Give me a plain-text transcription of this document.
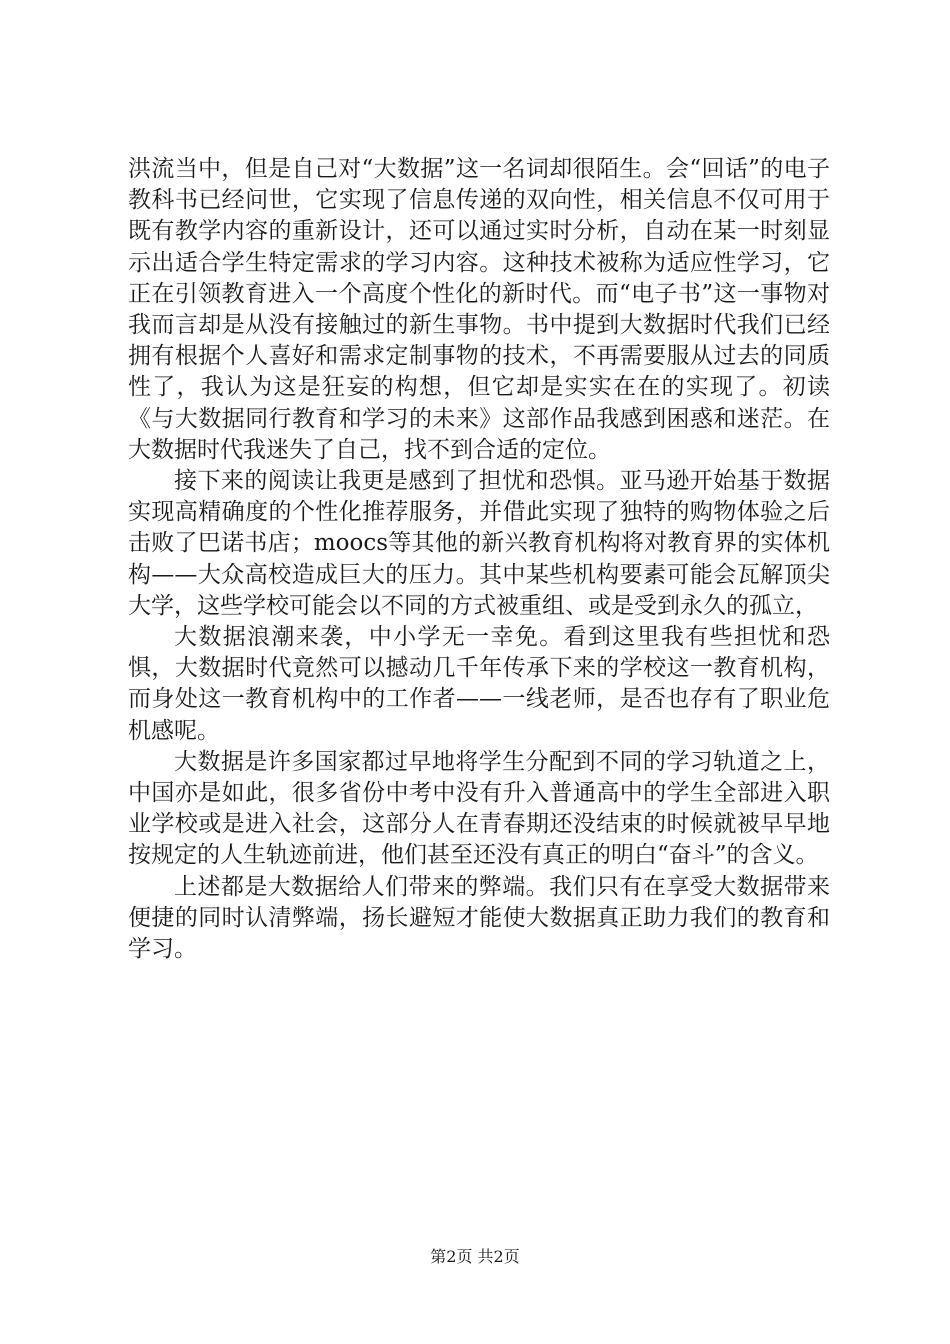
洪流当中，但是自己对“大数据”这一名词却很陌生。会“回话”的电子教科书已经问世，它实现了信息传递的双向性，相关信息不仅可用于既有教学内容的重新设计，还可以通过实时分析，自动在某一时刻显示出适合学生特定需求的学习内容。这种技术被称为适应性学习，它正在引领教育进入一个高度个性化的新时代。而“电子书”这一事物对我而言却是从没有接触过的新生事物。书中提到大数据时代我们已经拥有根据个人喜好和需求定制事物的技术，不再需要服从过去的同质性了，我认为这是狂妄的构想，但它却是实实在在的实现了。初读《与大数据同行教育和学习的未来》这部作品我感到困惑和迷茫。在大数据时代我迷失了自己，找不到合适的定位。

接下来的阅读让我更是感到了担忧和恐惧。亚马逊开始基于数据实现高精确度的个性化推荐服务，并借此实现了独特的购物体验之后击败了巴诺书店；moocs等其他的新兴教育机构将对教育界的实体机构——大众高校造成巨大的压力。其中某些机构要素可能会瓦解顶尖大学，这些学校可能会以不同的方式被重组、或是受到永久的孤立，

大数据浪潮来袭，中小学无一幸免。看到这里我有些担忧和恐惧，大数据时代竟然可以撼动几千年传承下来的学校这一教育机构，而身处这一教育机构中的工作者——一线老师，是否也存有了职业危机感呢。

大数据是许多国家都过早地将学生分配到不同的学习轨道之上，中国亦是如此，很多省份中考中没有升入普通高中的学生全部进入职业学校或是进入社会，这部分人在青春期还没结束的时候就被早早地按规定的人生轨迹前进，他们甚至还没有真正的明白“奋斗”的含义。

上述都是大数据给人们带来的弊端。我们只有在享受大数据带来便捷的同时认清弊端，扬长避短才能使大数据真正助力我们的教育和学习。

第2页 共2页
